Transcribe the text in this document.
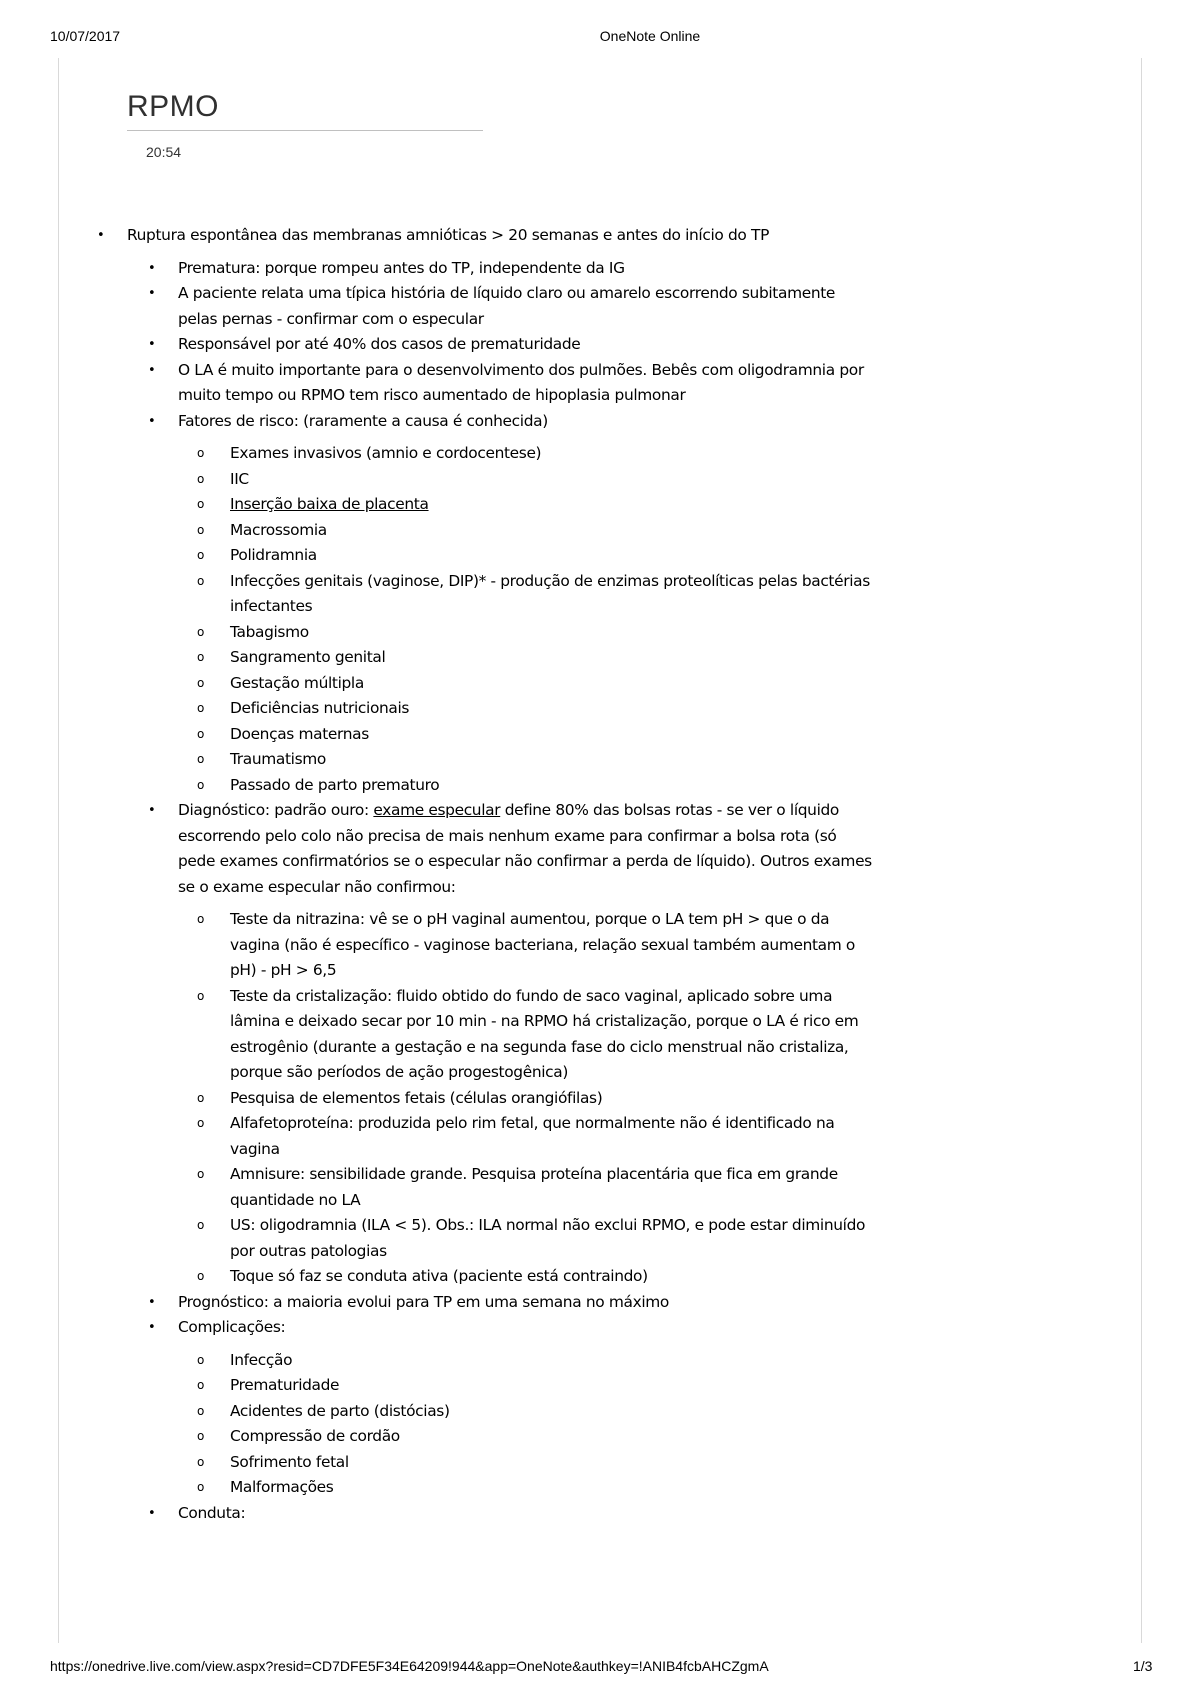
10/07/2017	OneNote Online
RPMO
20:54
• Ruptura espontânea das membranas amnióticas > 20 semanas e antes do início do TP
• Prematura: porque rompeu antes do TP, independente da IG
• A paciente relata uma típica história de líquido claro ou amarelo escorrendo subitamente pelas pernas - confirmar com o especular
• Responsável por até 40% dos casos de prematuridade
• O LA é muito importante para o desenvolvimento dos pulmões. Bebês com oligodramnia por muito tempo ou RPMO tem risco aumentado de hipoplasia pulmonar
• Fatores de risco: (raramente a causa é conhecida)
o Exames invasivos (amnio e cordocentese)
o IIC
o Inserção baixa de placenta
o Macrossomia
o Polidramnia
o Infecções genitais (vaginose, DIP)* - produção de enzimas proteolíticas pelas bactérias infectantes
o Tabagismo
o Sangramento genital
o Gestação múltipla
o Deficiências nutricionais
o Doenças maternas
o Traumatismo
o Passado de parto prematuro
• Diagnóstico: padrão ouro: exame especular define 80% das bolsas rotas - se ver o líquido escorrendo pelo colo não precisa de mais nenhum exame para confirmar a bolsa rota (só pede exames confirmatórios se o especular não confirmar a perda de líquido). Outros exames se o exame especular não confirmou:
o Teste da nitrazina: vê se o pH vaginal aumentou, porque o LA tem pH > que o da vagina (não é específico - vaginose bacteriana, relação sexual também aumentam o pH) - pH > 6,5
o Teste da cristalização: fluido obtido do fundo de saco vaginal, aplicado sobre uma lâmina e deixado secar por 10 min - na RPMO há cristalização, porque o LA é rico em estrogênio (durante a gestação e na segunda fase do ciclo menstrual não cristaliza, porque são períodos de ação progestogênica)
o Pesquisa de elementos fetais (células orangiófilas)
o Alfafetoproteína: produzida pelo rim fetal, que normalmente não é identificado na vagina
o Amnisure: sensibilidade grande. Pesquisa proteína placentária que fica em grande quantidade no LA
o US: oligodramnia (ILA < 5). Obs.: ILA normal não exclui RPMO, e pode estar diminuído por outras patologias
o Toque só faz se conduta ativa (paciente está contraindo)
• Prognóstico: a maioria evolui para TP em uma semana no máximo
• Complicações:
o Infecção
o Prematuridade
o Acidentes de parto (distócias)
o Compressão de cordão
o Sofrimento fetal
o Malformações
• Conduta:
https://onedrive.live.com/view.aspx?resid=CD7DFE5F34E64209!944&app=OneNote&authkey=!ANIB4fcbAHCZgmA	1/3
